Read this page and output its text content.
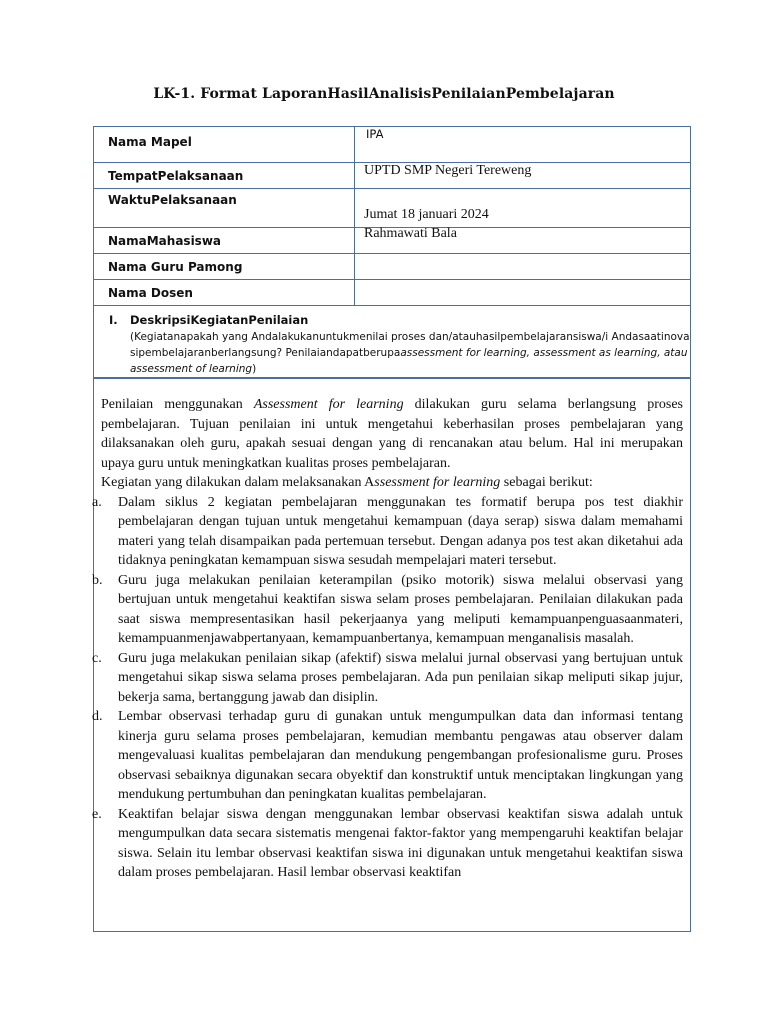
LK-1. Format LaporanHasilAnalisisPenilaianPembelajaran
Nama Mapel	IPA

TempatPelaksanaan	UPTD SMP Negeri Tereweng

WaktuPelaksanaan	Jumat 18 januari 2024

NamaMahasiswa	Rahmawati Bala

Nama Guru Pamong	

Nama Dosen	

I. DeskripsiKegiatanPenilaian
(Kegiatanapakah yang Andalakukanuntukmenilai proses dan/atauhasilpembelajaransiswa/i Andasaatinovasipembelajaranberlangsung? Penilaiandapatberupaassessment for learning, assessment as learning, atau assessment of learning)

Penilaian menggunakan Assessment for learning dilakukan guru selama berlangsung proses pembelajaran. Tujuan penilaian ini untuk mengetahui keberhasilan proses pembelajaran yang dilaksanakan oleh guru, apakah sesuai dengan yang di rencanakan atau belum. Hal ini merupakan upaya guru untuk meningkatkan kualitas proses pembelajaran.

Kegiatan yang dilakukan dalam melaksanakan Assessment for learning sebagai berikut:

a. Dalam siklus 2 kegiatan pembelajaran menggunakan tes formatif berupa pos test diakhir pembelajaran dengan tujuan untuk mengetahui kemampuan (daya serap) siswa dalam memahami materi yang telah disampaikan pada pertemuan tersebut. Dengan adanya pos test akan diketahui ada tidaknya peningkatan kemampuan siswa sesudah mempelajari materi tersebut.

b. Guru juga melakukan penilaian keterampilan (psiko motorik) siswa melalui observasi yang bertujuan untuk mengetahui keaktifan siswa selam proses pembelajaran. Penilaian dilakukan pada saat siswa mempresentasikan hasil pekerjaanya yang meliputi kemampuanpenguasaanmateri, kemampuanmenjawabpertanyaan, kemampuanbertanya, kemampuan menganalisis masalah.

c. Guru juga melakukan penilaian sikap (afektif) siswa melalui jurnal observasi yang bertujuan untuk mengetahui sikap siswa selama proses pembelajaran. Ada pun penilaian sikap meliputi sikap jujur, bekerja sama, bertanggung jawab dan disiplin.

d. Lembar observasi terhadap guru di gunakan untuk mengumpulkan data dan informasi tentang kinerja guru selama proses pembelajaran, kemudian membantu pengawas atau observer dalam mengevaluasi kualitas pembelajaran dan mendukung pengembangan profesionalisme guru. Proses observasi sebaiknya digunakan secara obyektif dan konstruktif untuk menciptakan lingkungan yang mendukung pertumbuhan dan peningkatan kualitas pembelajaran.

e. Keaktifan belajar siswa dengan menggunakan lembar observasi keaktifan siswa adalah untuk mengumpulkan data secara sistematis mengenai faktor-faktor yang mempengaruhi keaktifan belajar siswa. Selain itu lembar observasi keaktifan siswa ini digunakan untuk mengetahui keaktifan siswa dalam proses pembelajaran. Hasil lembar observasi keaktifan
